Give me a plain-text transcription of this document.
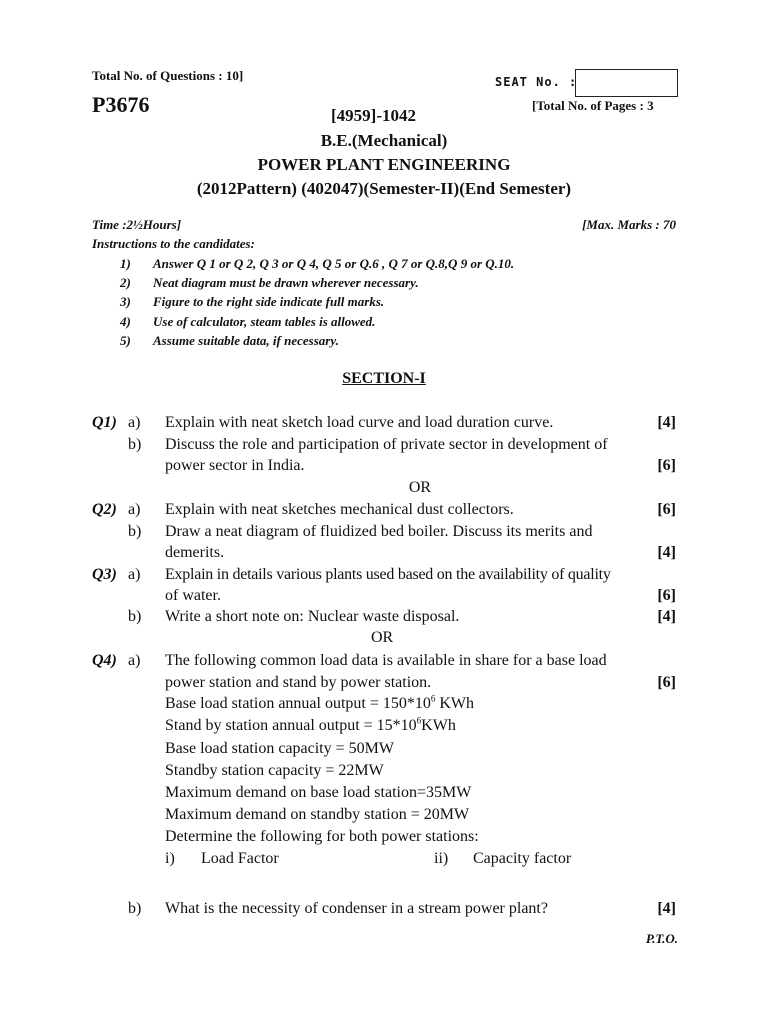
Total No. of Questions : 10]	SEAT No. :
P3676	[4959]-1042
[Total No. of Pages : 3
B.E.(Mechanical)
POWER PLANT ENGINEERING
(2012Pattern) (402047)(Semester-II)(End Semester)
Time :2½Hours]	[Max. Marks : 70
Instructions to the candidates:
1) Answer Q 1 or Q 2, Q 3 or Q 4, Q 5 or Q.6 , Q 7 or Q.8,Q 9 or Q.10.
2) Neat diagram must be drawn wherever necessary.
3) Figure to the right side indicate full marks.
4) Use of calculator, steam tables is allowed.
5) Assume suitable data, if necessary.
SECTION-I
Q1) a) Explain with neat sketch load curve and load duration curve.	[4]
b) Discuss the role and participation of private sector in development of
power sector in India.	[6]
OR
Q2) a) Explain with neat sketches mechanical dust collectors.	[6]
b) Draw a neat diagram of fluidized bed boiler. Discuss its merits and
demerits.	[4]
Q3) a) Explain in details various plants used based on the availability of quality
of water.	[6]
b) Write a short note on: Nuclear waste disposal.	[4]
OR
Q4) a) The following common load data is available in share for a base load
power station and stand by power station.	[6]
Base load station annual output = $150*10^6$ KWh
Stand by station annual output = $15*10^6KWh$
Base load station capacity = 50MW
Standby station capacity = 22MW
Maximum demand on base load station=35MW
Maximum demand on standby station = 20MW
Determine the following for both power stations:
i) Load Factor	ii) Capacity factor
b) What is the necessity of condenser in a stream power plant?	[4]
P.T.O.
